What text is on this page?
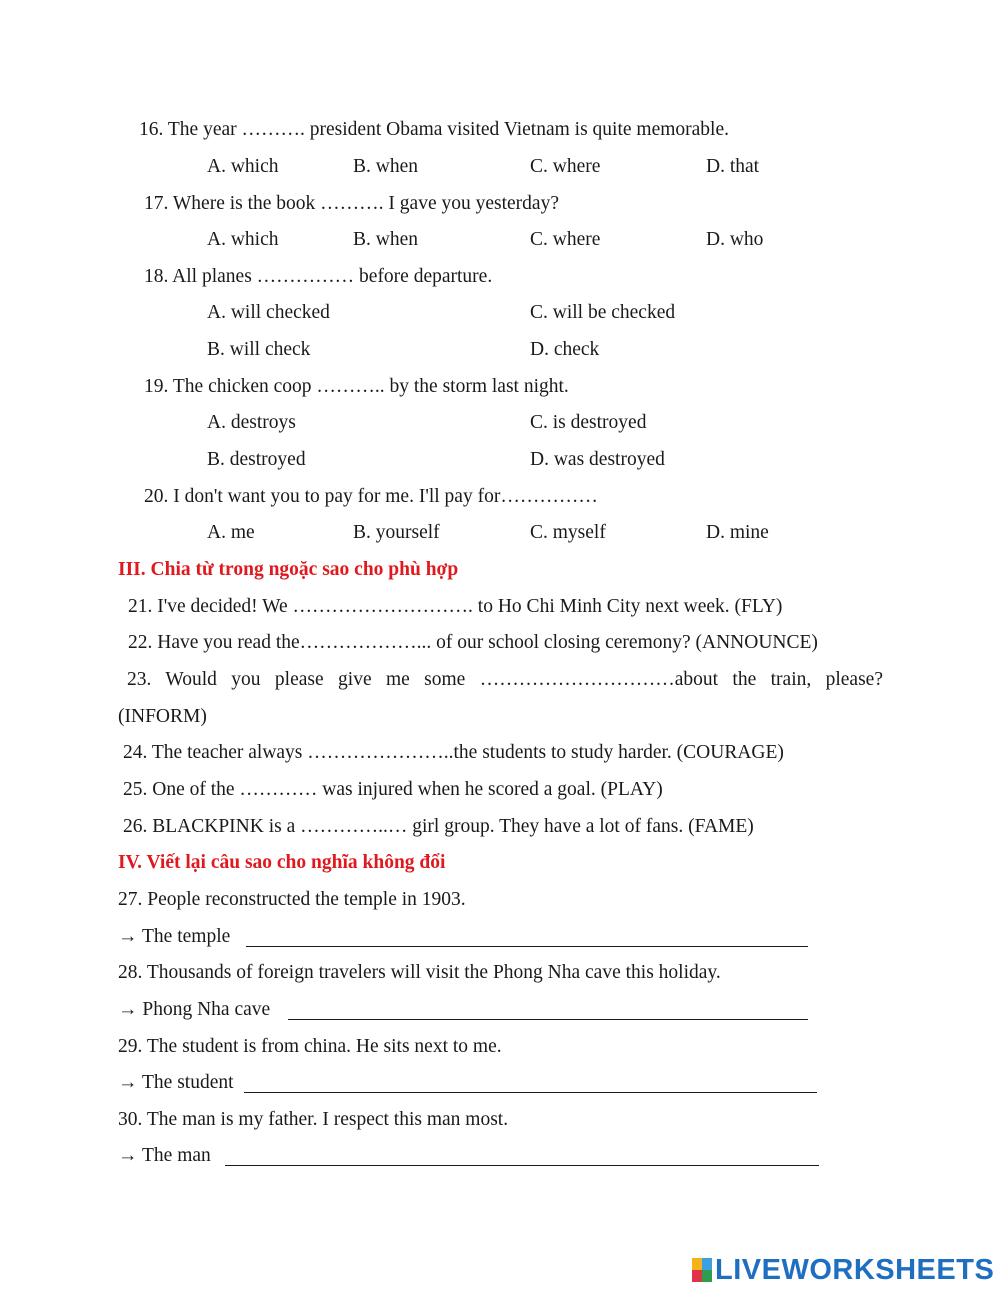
16. The year ………. president Obama visited Vietnam is quite memorable.
A. which	B. when	C. where	D. that
17. Where is the book ………. I gave you yesterday?
A. which	B. when	C. where	D. who
18. All planes …………… before departure.
A. will checked	C. will be checked
B. will check	D. check
19. The chicken coop ……….. by the storm last night.
A. destroys	C. is destroyed
B. destroyed	D. was destroyed
20. I don't want you to pay for me. I'll pay for……………
A. me	B. yourself	C. myself	D. mine
III. Chia từ trong ngoặc sao cho phù hợp
21. I've decided! We ………………………. to Ho Chi Minh City next week. (FLY)
22. Have you read the………………... of our school closing ceremony? (ANNOUNCE)
23. Would you please give me some …………………………about the train, please?
(INFORM)
24. The teacher always …………………..the students to study harder. (COURAGE)
25. One of the ………… was injured when he scored a goal. (PLAY)
26. BLACKPINK is a …………..… girl group. They have a lot of fans. (FAME)
IV. Viết lại câu sao cho nghĩa không đổi
27. People reconstructed the temple in 1903.
→ The temple
28. Thousands of foreign travelers will visit the Phong Nha cave this holiday.
→ Phong Nha cave
29. The student is from china. He sits next to me.
→ The student
30. The man is my father. I respect this man most.
→ The man
LIVEWORKSHEETS
